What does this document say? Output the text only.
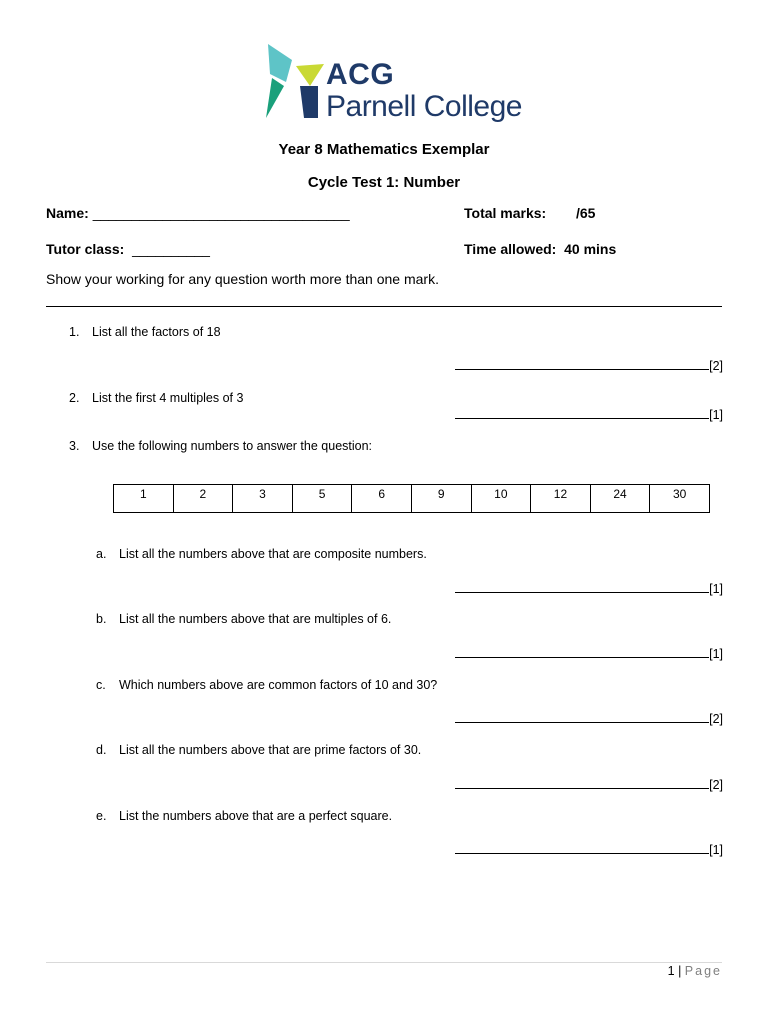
ACG
Parnell College
Year 8 Mathematics Exemplar
Cycle Test 1: Number
Name: _________________________________	Total marks: /65
Tutor class: __________	Time allowed: 40 mins
Show your working for any question worth more than one mark.
1. List all the factors of 18
[2]
2. List the first 4 multiples of 3
[1]
3. Use the following numbers to answer the question:
1	2	3	5	6	9	10	12	24	30
a. List all the numbers above that are composite numbers.
[1]
b. List all the numbers above that are multiples of 6.
[1]
c. Which numbers above are common factors of 10 and 30?
[2]
d. List all the numbers above that are prime factors of 30.
[2]
e. List the numbers above that are a perfect square.
[1]
1 | Page
